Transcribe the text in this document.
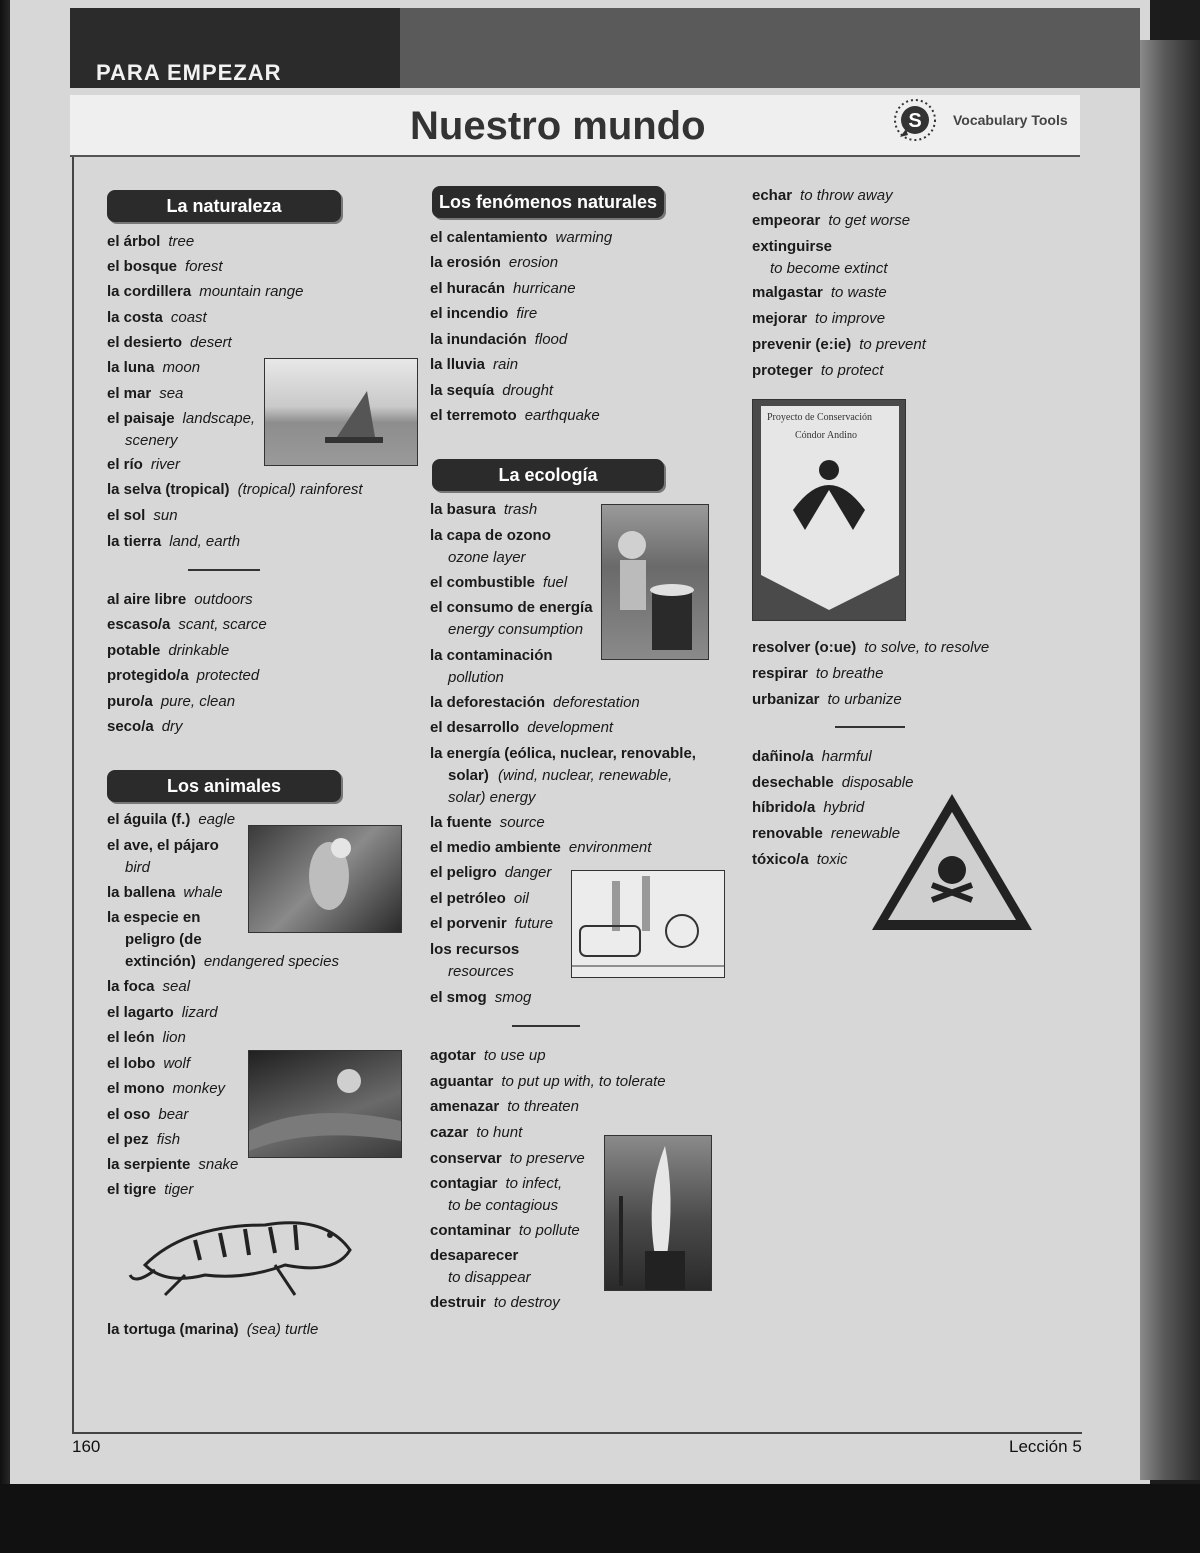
PARA EMPEZAR
Nuestro mundo	S Vocabulary Tools
La naturaleza
el árbol tree
el bosque forest
la cordillera mountain range
la costa coast
el desierto desert
la luna moon
el mar sea
el paisaje landscape,
scenery
el río river
la selva (tropical) (tropical) rainforest
el sol sun
la tierra land, earth
al aire libre outdoors
escaso/a scant, scarce
potable drinkable
protegido/a protected
puro/a pure, clean
seco/a dry
Los animales
el águila (f.) eagle
el ave, el pájaro
bird
la ballena whale
la especie en
peligro (de
extinción) endangered species
la foca seal
el lagarto lizard
el león lion
el lobo wolf
el mono monkey
el oso bear
el pez fish
la serpiente snake
el tigre tiger
la tortuga (marina) (sea) turtle
Los fenómenos naturales
el calentamiento warming
la erosión erosion
el huracán hurricane
el incendio fire
la inundación flood
la lluvia rain
la sequía drought
el terremoto earthquake
La ecología
la basura trash
la capa de ozono
ozone layer
el combustible fuel
el consumo de energía
energy consumption
la contaminación
pollution
la deforestación deforestation
el desarrollo development
la energía (eólica, nuclear, renovable,
solar) (wind, nuclear, renewable,
solar) energy
la fuente source
el medio ambiente environment
el peligro danger
el petróleo oil
el porvenir future
los recursos
resources
el smog smog
agotar to use up
aguantar to put up with, to tolerate
amenazar to threaten
cazar to hunt
conservar to preserve
contagiar to infect,
to be contagious
contaminar to pollute
desaparecer
to disappear
destruir to destroy
echar to throw away
empeorar to get worse
extinguirse
to become extinct
malgastar to waste
mejorar to improve
prevenir (e:ie) to prevent
proteger to protect
Proyecto de Conservación
Cóndor Andino
resolver (o:ue) to solve, to resolve
respirar to breathe
urbanizar to urbanize
dañino/a harmful
desechable disposable
híbrido/a hybrid
renovable renewable
tóxico/a toxic
160	Lección 5
